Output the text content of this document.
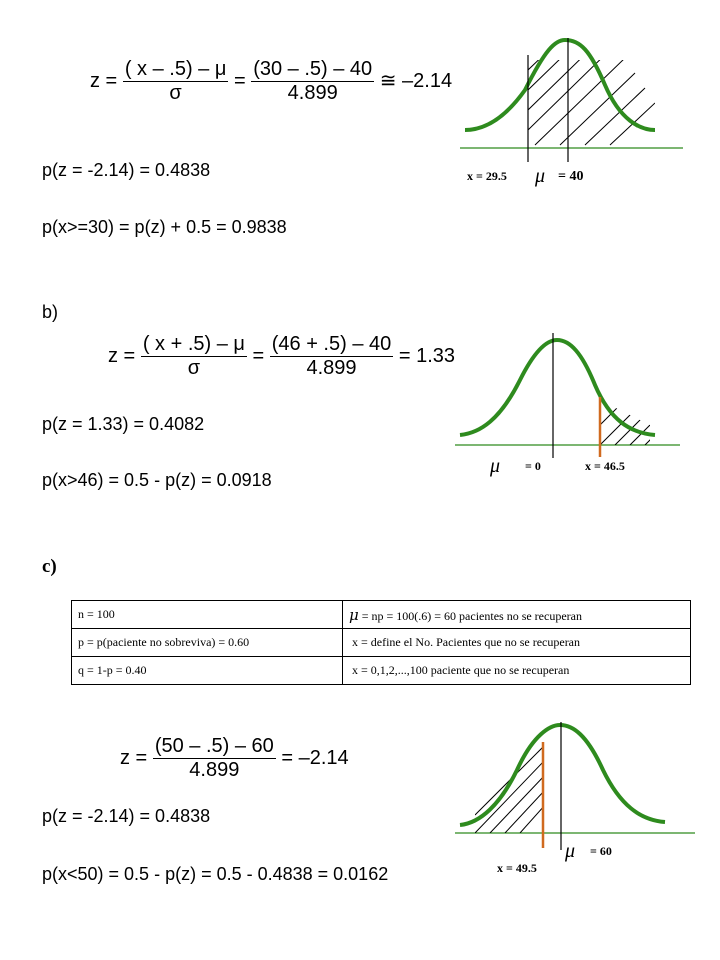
$z = \frac{( x - .5) - \mu}{\sigma} = \frac{(30 - .5) - 40}{4.899}$ ≅ –2.14
p(z = -2.14) = 0.4838
p(x>=30) = p(z) + 0.5 = 0.9838
x = 29.5 μ = 40
b)
$z = \frac{( x + .5) - \mu}{\sigma} = \frac{(46 + .5) - 40}{4.899} = 1.33$
p(z = 1.33) = 0.4082
p(x>46) = 0.5 - p(z) = 0.0918
μ = 0	x = 46.5
c)
n = 100	μ = np = 100(.6) = 60 pacientes no se recuperan
p = p(paciente no sobreviva) = 0.60	x = define el No. Pacientes que no se recuperan
q = 1-p = 0.40	x = 0,1,2,...,100 paciente que no se recuperan
$z = \frac{(50 - .5) - 60}{4.899} = -2.14$
p(z = -2.14) = 0.4838
p(x<50) = 0.5 - p(z) = 0.5 - 0.4838 = 0.0162
μ = 60
x = 49.5
